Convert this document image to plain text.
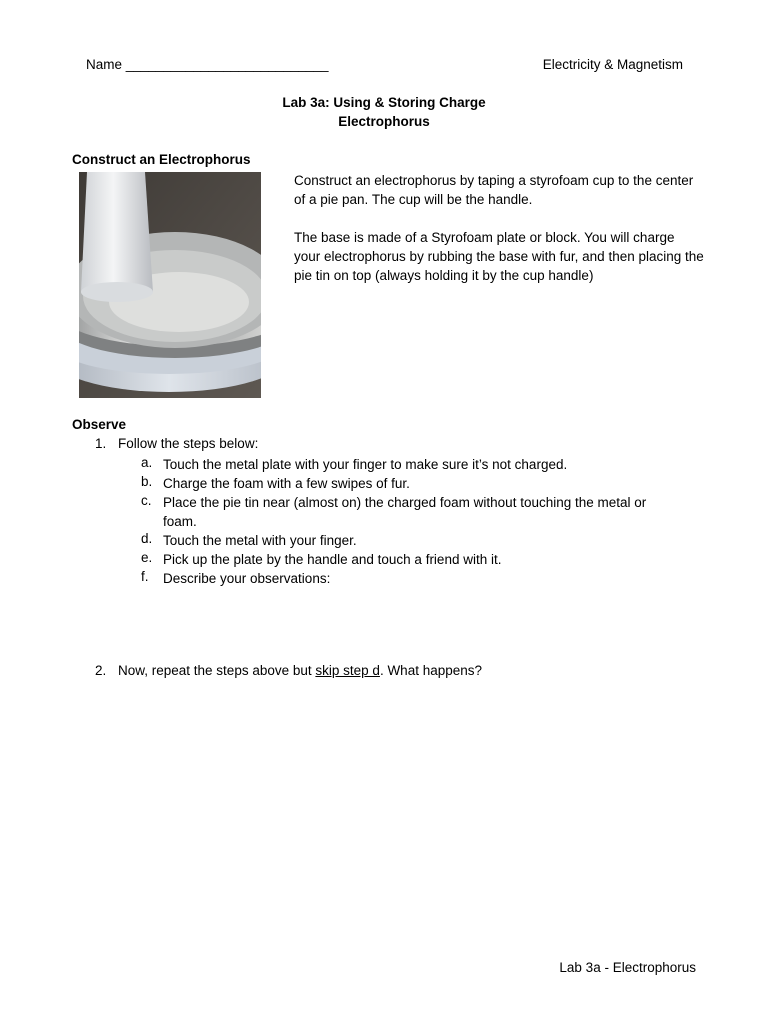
Name ___________________________	Electricity & Magnetism
Lab 3a: Using & Storing Charge
Electrophorus
Construct an Electrophorus
Construct an electrophorus by taping a styrofoam cup to the center of a pie pan. The cup will be the handle.
The base is made of a Styrofoam plate or block. You will charge your electrophorus by rubbing the base with fur, and then placing the pie tin on top (always holding it by the cup handle)
Observe
1. Follow the steps below:
a. Touch the metal plate with your finger to make sure it’s not charged.
b. Charge the foam with a few swipes of fur.
c. Place the pie tin near (almost on) the charged foam without touching the metal or foam.
d. Touch the metal with your finger.
e. Pick up the plate by the handle and touch a friend with it.
f. Describe your observations:
2. Now, repeat the steps above but skip step d. What happens?
Lab 3a - Electrophorus
